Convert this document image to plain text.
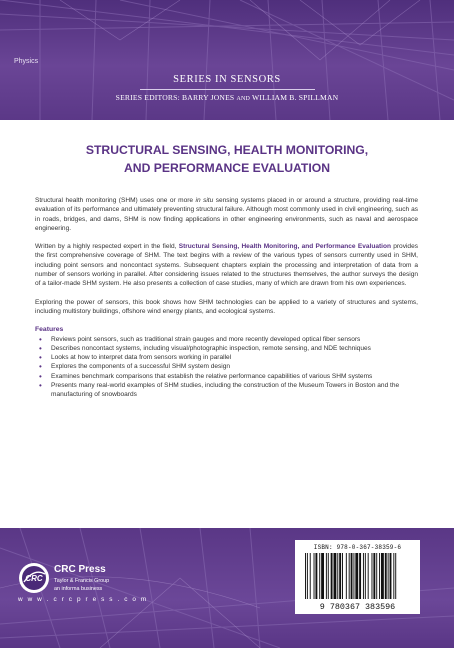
Physics
SERIES IN SENSORS
SERIES EDITORS: BARRY JONES AND WILLIAM B. SPILLMAN
STRUCTURAL SENSING, HEALTH MONITORING,
AND PERFORMANCE EVALUATION

Structural health monitoring (SHM) uses one or more in situ sensing systems placed in or around a structure, providing real-time evaluation of its performance and ultimately preventing structural failure. Although most commonly used in civil engineering, such as in roads, bridges, and dams, SHM is now finding applications in other engineering environments, such as naval and aerospace engineering.

Written by a highly respected expert in the field, Structural Sensing, Health Monitoring, and Performance Evaluation provides the first comprehensive coverage of SHM. The text begins with a review of the various types of sensors currently used in SHM, including point sensors and noncontact systems. Subsequent chapters explain the processing and interpretation of data from a number of sensors working in parallel. After considering issues related to the structures themselves, the author surveys the design of a tailor-made SHM system. He also presents a collection of case studies, many of which are drawn from his own experiences.

Exploring the power of sensors, this book shows how SHM technologies can be applied to a variety of structures and systems, including multistory buildings, offshore wind energy plants, and ecological systems.

Features
• Reviews point sensors, such as traditional strain gauges and more recently developed optical fiber sensors
• Describes noncontact systems, including visual/photographic inspection, remote sensing, and NDE techniques
• Looks at how to interpret data from sensors working in parallel
• Explores the components of a successful SHM system design
• Examines benchmark comparisons that establish the relative performance capabilities of various SHM systems
• Presents many real-world examples of SHM studies, including the construction of the Museum Towers in Boston and the manufacturing of snowboards
CRC
CRC Press
Taylor & Francis Group
an informa business
w w w . c r c p r e s s . c o m
ISBN: 978-0-367-38359-6
9 780367 383596
